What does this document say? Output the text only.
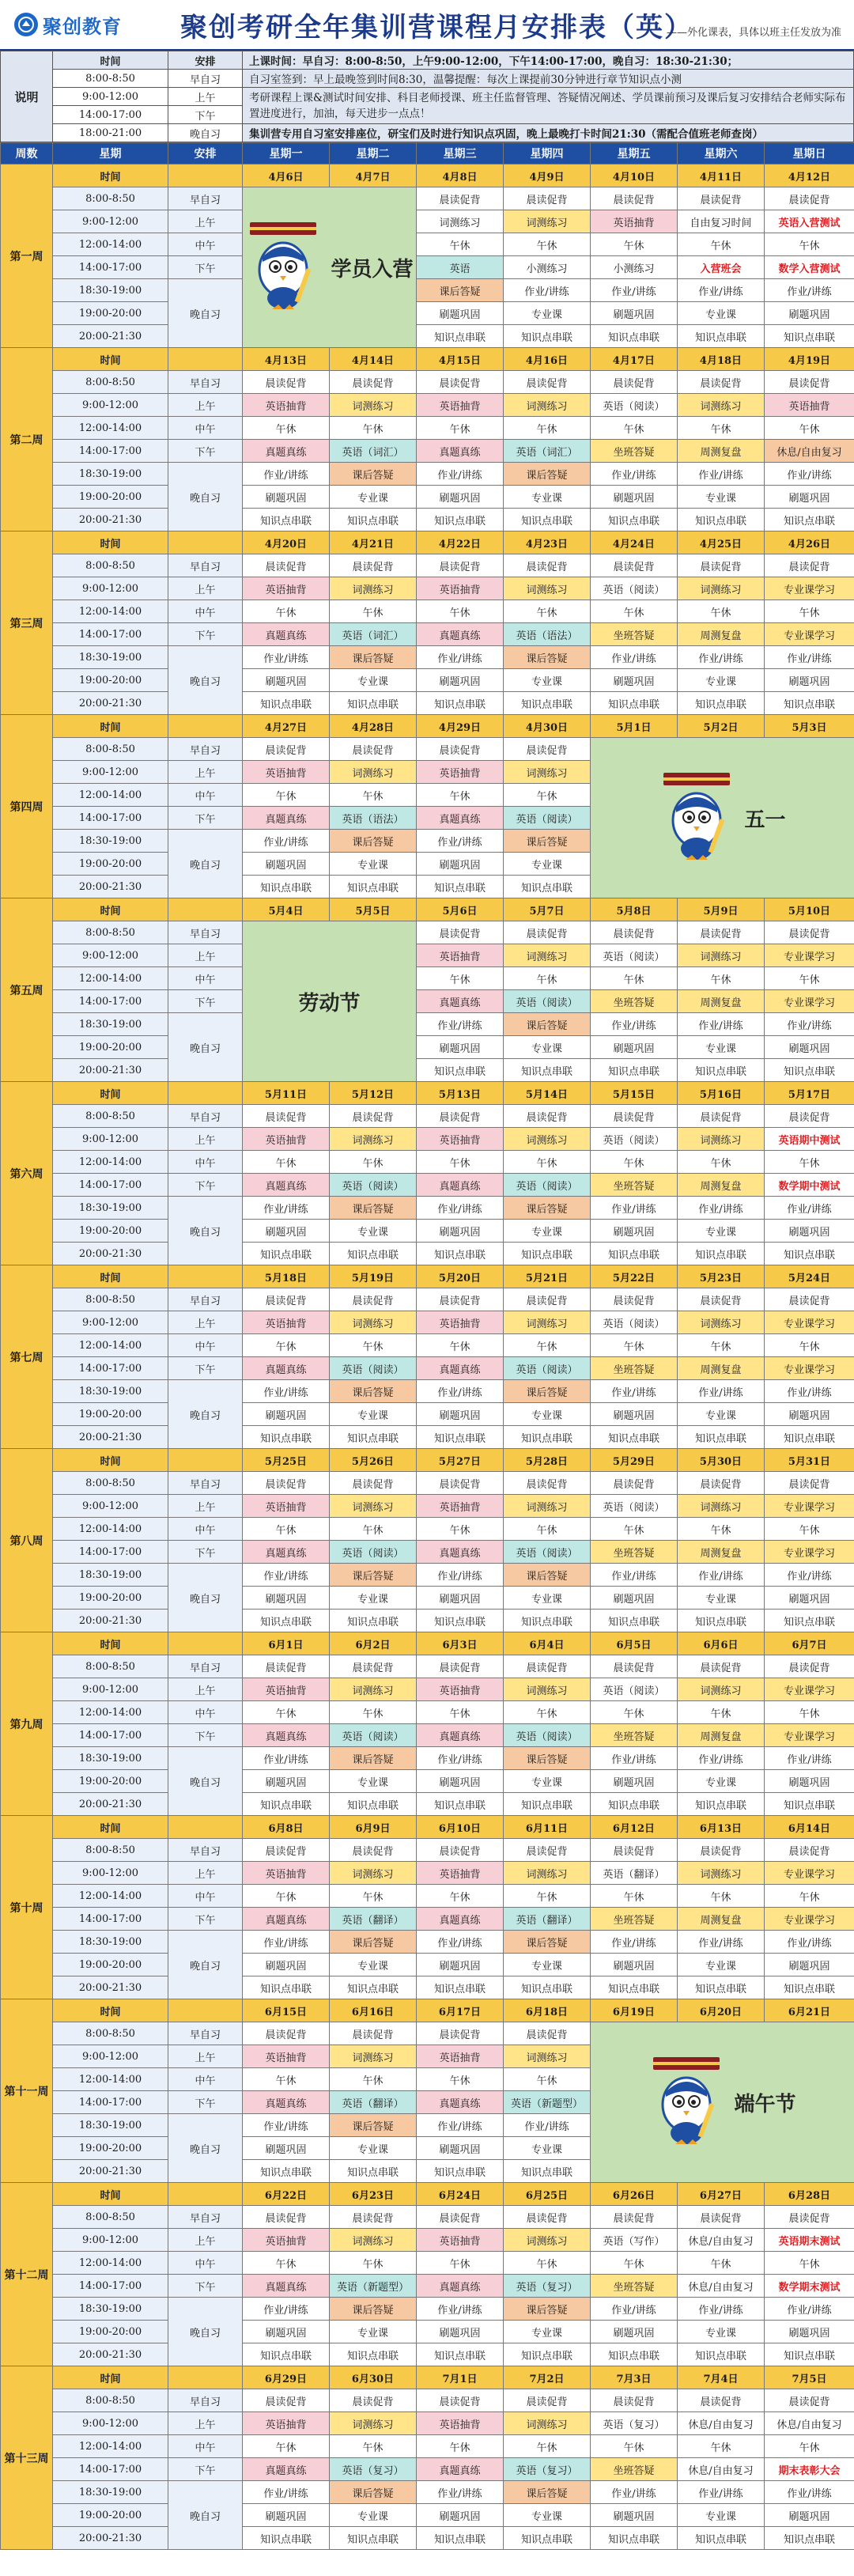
聚创教育 聚创考研全年集训营课程月安排表（英）
——外化课表，具体以班主任发放为准
说明	时间	安排	上课时间：早自习：8:00-8:50，上午9:00-12:00，下午14:00-17:00，晚自习：18:30-21:30；
	8:00-8:50	早自习	自习室签到：早上最晚签到时间8:30，温馨提醒：每次上课提前30分钟进行章节知识点小测
	9:00-12:00	上午	考研课程上课&测试时间安排、科目老师授课、班主任监督管理、答疑情况阐述、学员课前预习及课后复习安排结合老师实际布置进度进行，加油，每天进步一点点！
	14:00-17:00	下午	
	18:00-21:00	晚自习	集训营专用自习室安排座位，研宝们及时进行知识点巩固，晚上最晚打卡时间21:30（需配合值班老师查岗）
周数	星期	安排	星期一	星期二	星期三	星期四	星期五	星期六	星期日
第一周	时间		4月6日	4月7日	4月8日	4月9日	4月10日	4月11日	4月12日
	8:00-8:50	早自习	学员入营		晨读促背	晨读促背	晨读促背	晨读促背	晨读促背
	9:00-12:00	上午			词测练习	词测练习	英语抽背	自由复习时间	英语入营测试
	12:00-14:00	中午			午休	午休	午休	午休	午休
	14:00-17:00	下午			英语	小测练习	小测练习	入营班会	数学入营测试
	18:30-19:00	晚自习			课后答疑	作业/讲练	作业/讲练	作业/讲练	作业/讲练
	19:00-20:00				刷题巩固	专业课	刷题巩固	专业课	刷题巩固
	20:00-21:30				知识点串联	知识点串联	知识点串联	知识点串联	知识点串联
第二周	时间		4月13日	4月14日	4月15日	4月16日	4月17日	4月18日	4月19日
	8:00-8:50	早自习	晨读促背	晨读促背	晨读促背	晨读促背	晨读促背	晨读促背	晨读促背
	9:00-12:00	上午	英语抽背	词测练习	英语抽背	词测练习	英语（阅读）	词测练习	英语抽背
	12:00-14:00	中午	午休	午休	午休	午休	午休	午休	午休
	14:00-17:00	下午	真题真练	英语（词汇）	真题真练	英语（词汇）	坐班答疑	周测复盘	休息/自由复习
	18:30-19:00	晚自习	作业/讲练	课后答疑	作业/讲练	课后答疑	作业/讲练	作业/讲练	作业/讲练
	19:00-20:00		刷题巩固	专业课	刷题巩固	专业课	刷题巩固	专业课	刷题巩固
	20:00-21:30		知识点串联	知识点串联	知识点串联	知识点串联	知识点串联	知识点串联	知识点串联
第三周	时间		4月20日	4月21日	4月22日	4月23日	4月24日	4月25日	4月26日
	8:00-8:50	早自习	晨读促背	晨读促背	晨读促背	晨读促背	晨读促背	晨读促背	晨读促背
	9:00-12:00	上午	英语抽背	词测练习	英语抽背	词测练习	英语（阅读）	词测练习	专业课学习
	12:00-14:00	中午	午休	午休	午休	午休	午休	午休	午休
	14:00-17:00	下午	真题真练	英语（词汇）	真题真练	英语（语法）	坐班答疑	周测复盘	专业课学习
	18:30-19:00	晚自习	作业/讲练	课后答疑	作业/讲练	课后答疑	作业/讲练	作业/讲练	作业/讲练
	19:00-20:00		刷题巩固	专业课	刷题巩固	专业课	刷题巩固	专业课	刷题巩固
	20:00-21:30		知识点串联	知识点串联	知识点串联	知识点串联	知识点串联	知识点串联	知识点串联
第四周	时间		4月27日	4月28日	4月29日	4月30日	5月1日	5月2日	5月3日
	8:00-8:50	早自习	晨读促背	晨读促背	晨读促背	晨读促背	五一		

	9:00-12:00	上午	英语抽背	词测练习	英语抽背	词测练习			
	12:00-14:00	中午	午休	午休	午休	午休			
	14:00-17:00	下午	真题真练	英语（语法）	真题真练	英语（阅读）			
	18:30-19:00	晚自习	作业/讲练	课后答疑	作业/讲练	课后答疑			
	19:00-20:00		刷题巩固	专业课	刷题巩固	专业课			
	20:00-21:30		知识点串联	知识点串联	知识点串联	知识点串联			
第五周	时间		5月4日	5月5日	5月6日	5月7日	5月8日	5月9日	5月10日
	8:00-8:50	早自习	劳动节		晨读促背	晨读促背	晨读促背	晨读促背	晨读促背
	9:00-12:00	上午			英语抽背	词测练习	英语（阅读）	词测练习	专业课学习
	12:00-14:00	中午			午休	午休	午休	午休	午休
	14:00-17:00	下午			真题真练	英语（阅读）	坐班答疑	周测复盘	专业课学习
	18:30-19:00	晚自习			作业/讲练	课后答疑	作业/讲练	作业/讲练	作业/讲练
	19:00-20:00				刷题巩固	专业课	刷题巩固	专业课	刷题巩固
	20:00-21:30				知识点串联	知识点串联	知识点串联	知识点串联	知识点串联
第六周	时间		5月11日	5月12日	5月13日	5月14日	5月15日	5月16日	5月17日
	8:00-8:50	早自习	晨读促背	晨读促背	晨读促背	晨读促背	晨读促背	晨读促背	晨读促背
	9:00-12:00	上午	英语抽背	词测练习	英语抽背	词测练习	英语（阅读）	词测练习	英语期中测试
	12:00-14:00	中午	午休	午休	午休	午休	午休	午休	午休
	14:00-17:00	下午	真题真练	英语（阅读）	真题真练	英语（阅读）	坐班答疑	周测复盘	数学期中测试
	18:30-19:00	晚自习	作业/讲练	课后答疑	作业/讲练	课后答疑	作业/讲练	作业/讲练	作业/讲练
	19:00-20:00		刷题巩固	专业课	刷题巩固	专业课	刷题巩固	专业课	刷题巩固
	20:00-21:30		知识点串联	知识点串联	知识点串联	知识点串联	知识点串联	知识点串联	知识点串联
第七周	时间		5月18日	5月19日	5月20日	5月21日	5月22日	5月23日	5月24日
	8:00-8:50	早自习	晨读促背	晨读促背	晨读促背	晨读促背	晨读促背	晨读促背	晨读促背
	9:00-12:00	上午	英语抽背	词测练习	英语抽背	词测练习	英语（阅读）	词测练习	专业课学习
	12:00-14:00	中午	午休	午休	午休	午休	午休	午休	午休
	14:00-17:00	下午	真题真练	英语（阅读）	真题真练	英语（阅读）	坐班答疑	周测复盘	专业课学习
	18:30-19:00	晚自习	作业/讲练	课后答疑	作业/讲练	课后答疑	作业/讲练	作业/讲练	作业/讲练
	19:00-20:00		刷题巩固	专业课	刷题巩固	专业课	刷题巩固	专业课	刷题巩固
	20:00-21:30		知识点串联	知识点串联	知识点串联	知识点串联	知识点串联	知识点串联	知识点串联
第八周	时间		5月25日	5月26日	5月27日	5月28日	5月29日	5月30日	5月31日
	8:00-8:50	早自习	晨读促背	晨读促背	晨读促背	晨读促背	晨读促背	晨读促背	晨读促背
	9:00-12:00	上午	英语抽背	词测练习	英语抽背	词测练习	英语（阅读）	词测练习	专业课学习
	12:00-14:00	中午	午休	午休	午休	午休	午休	午休	午休
	14:00-17:00	下午	真题真练	英语（阅读）	真题真练	英语（阅读）	坐班答疑	周测复盘	专业课学习
	18:30-19:00	晚自习	作业/讲练	课后答疑	作业/讲练	课后答疑	作业/讲练	作业/讲练	作业/讲练
	19:00-20:00		刷题巩固	专业课	刷题巩固	专业课	刷题巩固	专业课	刷题巩固
	20:00-21:30		知识点串联	知识点串联	知识点串联	知识点串联	知识点串联	知识点串联	知识点串联
第九周	时间		6月1日	6月2日	6月3日	6月4日	6月5日	6月6日	6月7日
	8:00-8:50	早自习	晨读促背	晨读促背	晨读促背	晨读促背	晨读促背	晨读促背	晨读促背
	9:00-12:00	上午	英语抽背	词测练习	英语抽背	词测练习	英语（阅读）	词测练习	专业课学习
	12:00-14:00	中午	午休	午休	午休	午休	午休	午休	午休
	14:00-17:00	下午	真题真练	英语（阅读）	真题真练	英语（阅读）	坐班答疑	周测复盘	专业课学习
	18:30-19:00	晚自习	作业/讲练	课后答疑	作业/讲练	课后答疑	作业/讲练	作业/讲练	作业/讲练
	19:00-20:00		刷题巩固	专业课	刷题巩固	专业课	刷题巩固	专业课	刷题巩固
	20:00-21:30		知识点串联	知识点串联	知识点串联	知识点串联	知识点串联	知识点串联	知识点串联
第十周	时间		6月8日	6月9日	6月10日	6月11日	6月12日	6月13日	6月14日
	8:00-8:50	早自习	晨读促背	晨读促背	晨读促背	晨读促背	晨读促背	晨读促背	晨读促背
	9:00-12:00	上午	英语抽背	词测练习	英语抽背	词测练习	英语（翻译）	词测练习	专业课学习
	12:00-14:00	中午	午休	午休	午休	午休	午休	午休	午休
	14:00-17:00	下午	真题真练	英语（翻译）	真题真练	英语（翻译）	坐班答疑	周测复盘	专业课学习
	18:30-19:00	晚自习	作业/讲练	课后答疑	作业/讲练	课后答疑	作业/讲练	作业/讲练	作业/讲练
	19:00-20:00		刷题巩固	专业课	刷题巩固	专业课	刷题巩固	专业课	刷题巩固
	20:00-21:30		知识点串联	知识点串联	知识点串联	知识点串联	知识点串联	知识点串联	知识点串联
第十一周	时间		6月15日	6月16日	6月17日	6月18日	6月19日	6月20日	6月21日
	8:00-8:50	早自习	晨读促背	晨读促背	晨读促背	晨读促背	端午节		

	9:00-12:00	上午	英语抽背	词测练习	英语抽背	词测练习			
	12:00-14:00	中午	午休	午休	午休	午休			
	14:00-17:00	下午	真题真练	英语（翻译）	真题真练	英语（新题型）			
	18:30-19:00	晚自习	作业/讲练	课后答疑	作业/讲练	作业/讲练			
	19:00-20:00		刷题巩固	专业课	刷题巩固	专业课			
	20:00-21:30		知识点串联	知识点串联	知识点串联	知识点串联			
第十二周	时间		6月22日	6月23日	6月24日	6月25日	6月26日	6月27日	6月28日
	8:00-8:50	早自习	晨读促背	晨读促背	晨读促背	晨读促背	晨读促背	晨读促背	晨读促背
	9:00-12:00	上午	英语抽背	词测练习	英语抽背	词测练习	英语（写作）	休息/自由复习	英语期末测试
	12:00-14:00	中午	午休	午休	午休	午休	午休	午休	午休
	14:00-17:00	下午	真题真练	英语（新题型）	真题真练	英语（复习）	坐班答疑	休息/自由复习	数学期末测试
	18:30-19:00	晚自习	作业/讲练	课后答疑	作业/讲练	课后答疑	作业/讲练	作业/讲练	作业/讲练
	19:00-20:00		刷题巩固	专业课	刷题巩固	专业课	刷题巩固	专业课	刷题巩固
	20:00-21:30		知识点串联	知识点串联	知识点串联	知识点串联	知识点串联	知识点串联	知识点串联
第十三周	时间		6月29日	6月30日	7月1日	7月2日	7月3日	7月4日	7月5日
	8:00-8:50	早自习	晨读促背	晨读促背	晨读促背	晨读促背	晨读促背	晨读促背	晨读促背
	9:00-12:00	上午	英语抽背	词测练习	英语抽背	词测练习	英语（复习）	休息/自由复习	休息/自由复习
	12:00-14:00	中午	午休	午休	午休	午休	午休	午休	午休
	14:00-17:00	下午	真题真练	英语（复习）	真题真练	英语（复习）	坐班答疑	休息/自由复习	期末表彰大会
	18:30-19:00	晚自习	作业/讲练	课后答疑	作业/讲练	课后答疑	作业/讲练	作业/讲练	作业/讲练
	19:00-20:00		刷题巩固	专业课	刷题巩固	专业课	刷题巩固	专业课	刷题巩固
	20:00-21:30		知识点串联	知识点串联	知识点串联	知识点串联	知识点串联	知识点串联	知识点串联
